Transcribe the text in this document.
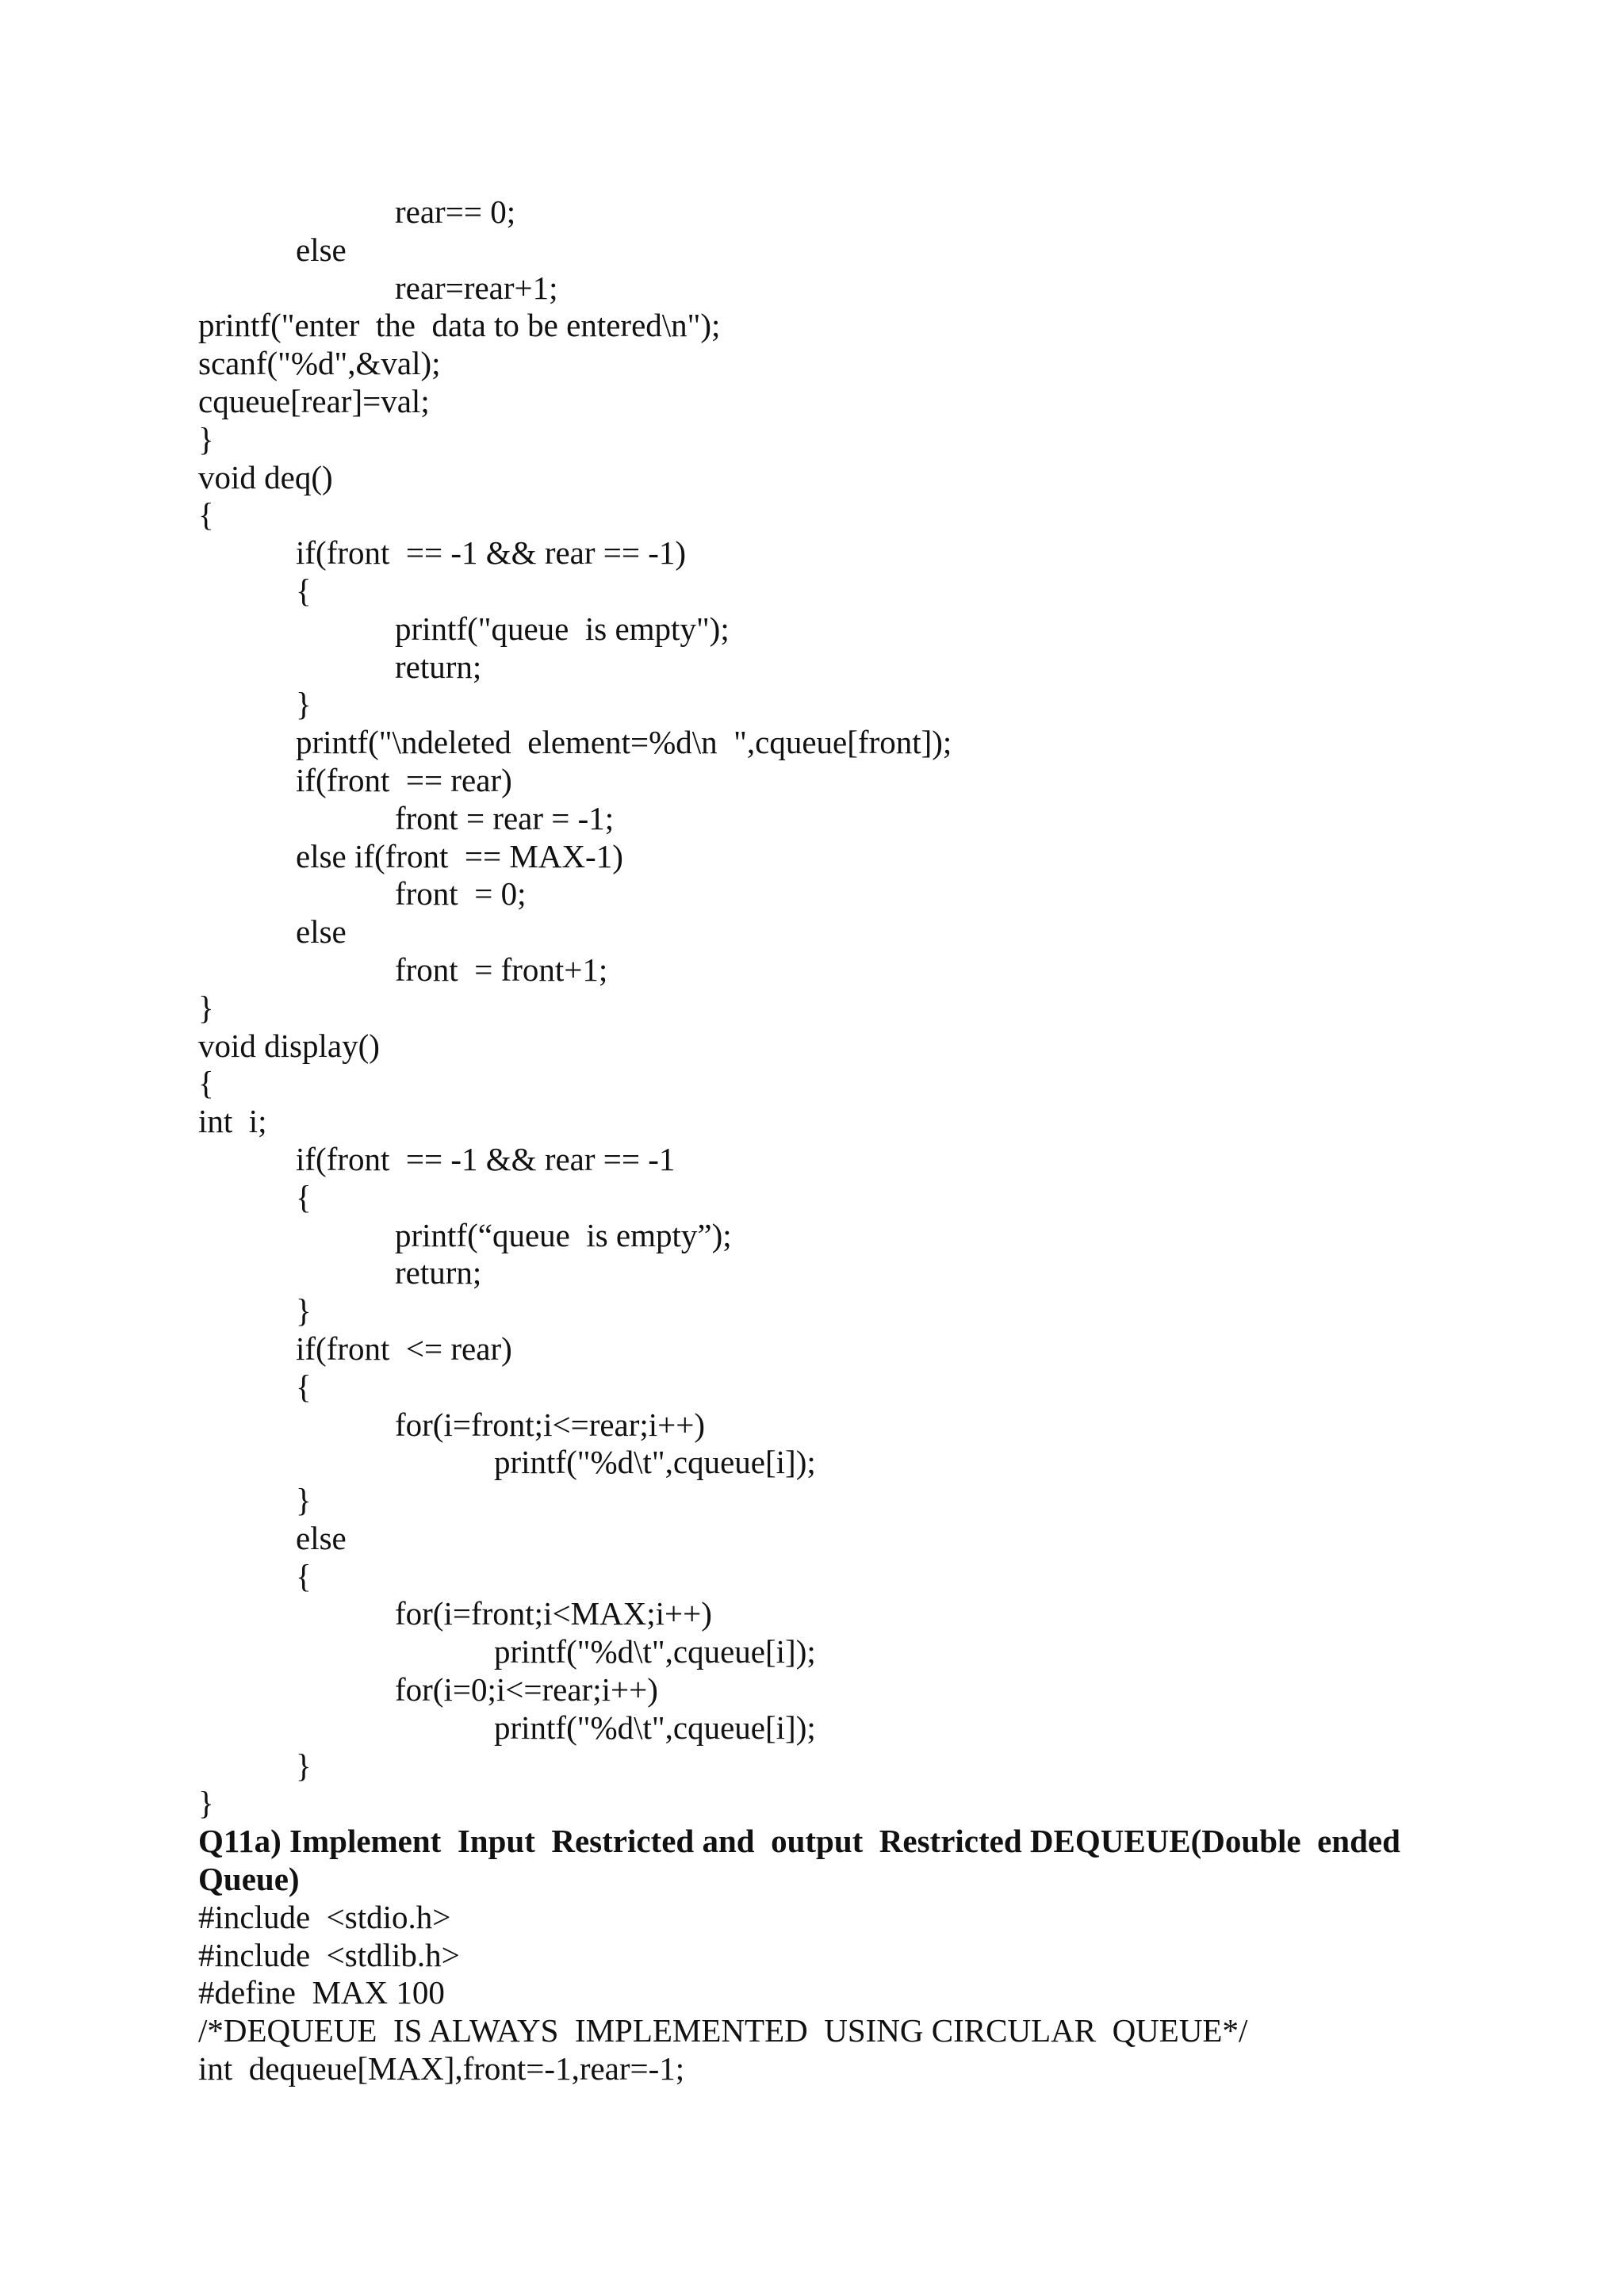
rear== 0;
else
rear=rear+1;
printf("enter  the  data to be entered\n");
scanf("%d",&val);
cqueue[rear]=val;
}
void deq()
{
if(front  == -1 && rear == -1)
{
printf("queue  is empty");
return;
}
printf("\ndeleted  element=%d\n  ",cqueue[front]);
if(front  == rear)
front = rear = -1;
else if(front  == MAX-1)
front  = 0;
else
front  = front+1;
}
void display()
{
int  i;
if(front  == -1 && rear == -1
{
printf(“queue  is empty”);
return;
}
if(front  <= rear)
{
for(i=front;i<=rear;i++)
printf("%d\t",cqueue[i]);
}
else
{
for(i=front;i<MAX;i++)
printf("%d\t",cqueue[i]);
for(i=0;i<=rear;i++)
printf("%d\t",cqueue[i]);
}
}
Q11a) Implement  Input  Restricted and  output  Restricted DEQUEUE(Double  ended
Queue)
#include  <stdio.h>
#include  <stdlib.h>
#define  MAX 100
/*DEQUEUE  IS ALWAYS  IMPLEMENTED  USING CIRCULAR  QUEUE*/
int  dequeue[MAX],front=-1,rear=-1;
